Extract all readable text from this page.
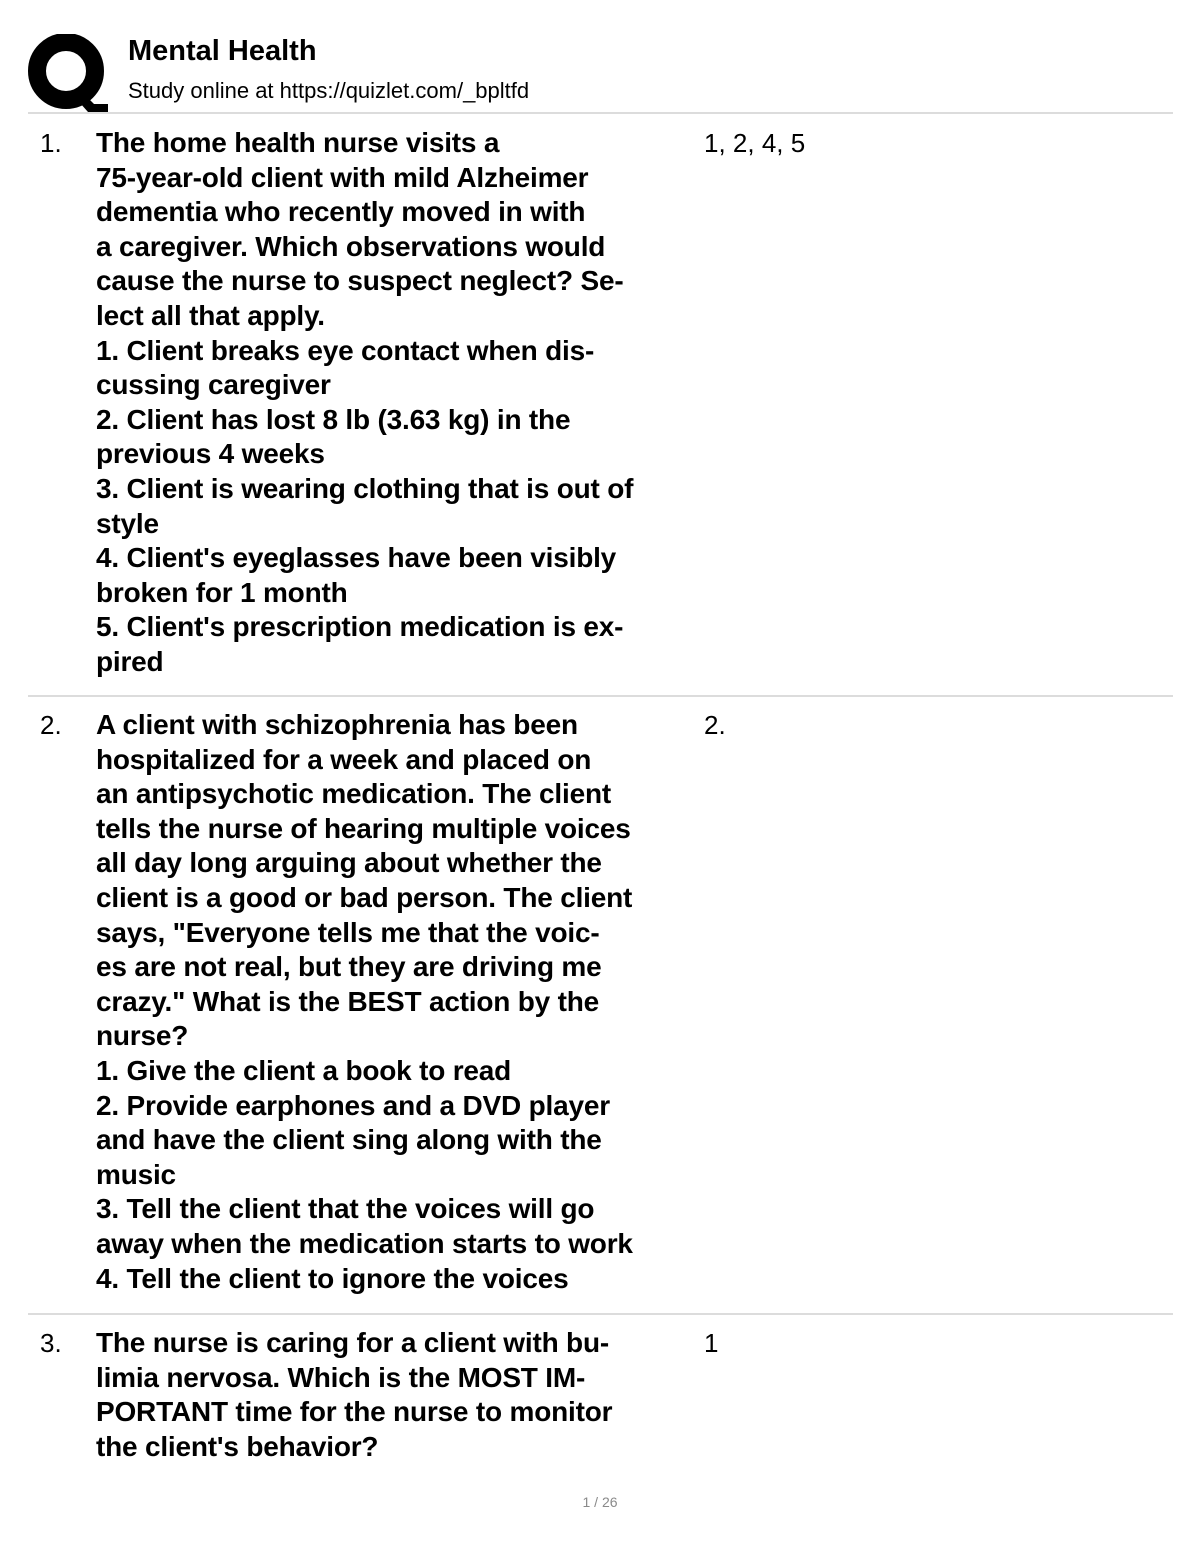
Mental Health
Study online at https://quizlet.com/_bpltfd
1. The home health nurse visits a
75-year-old client with mild Alzheimer
dementia who recently moved in with
a caregiver. Which observations would
cause the nurse to suspect neglect? Se-
lect all that apply.
1. Client breaks eye contact when dis-
cussing caregiver
2. Client has lost 8 lb (3.63 kg) in the
previous 4 weeks
3. Client is wearing clothing that is out of
style
4. Client's eyeglasses have been visibly
broken for 1 month
5. Client's prescription medication is ex-
pired
1, 2, 4, 5
2. A client with schizophrenia has been
hospitalized for a week and placed on
an antipsychotic medication. The client
tells the nurse of hearing multiple voices
all day long arguing about whether the
client is a good or bad person. The client
says, "Everyone tells me that the voic-
es are not real, but they are driving me
crazy." What is the BEST action by the
nurse?
1. Give the client a book to read
2. Provide earphones and a DVD player
and have the client sing along with the
music
3. Tell the client that the voices will go
away when the medication starts to work
4. Tell the client to ignore the voices
2.
3. The nurse is caring for a client with bu-
limia nervosa. Which is the MOST IM-
PORTANT time for the nurse to monitor
the client's behavior?
1
1 / 26
